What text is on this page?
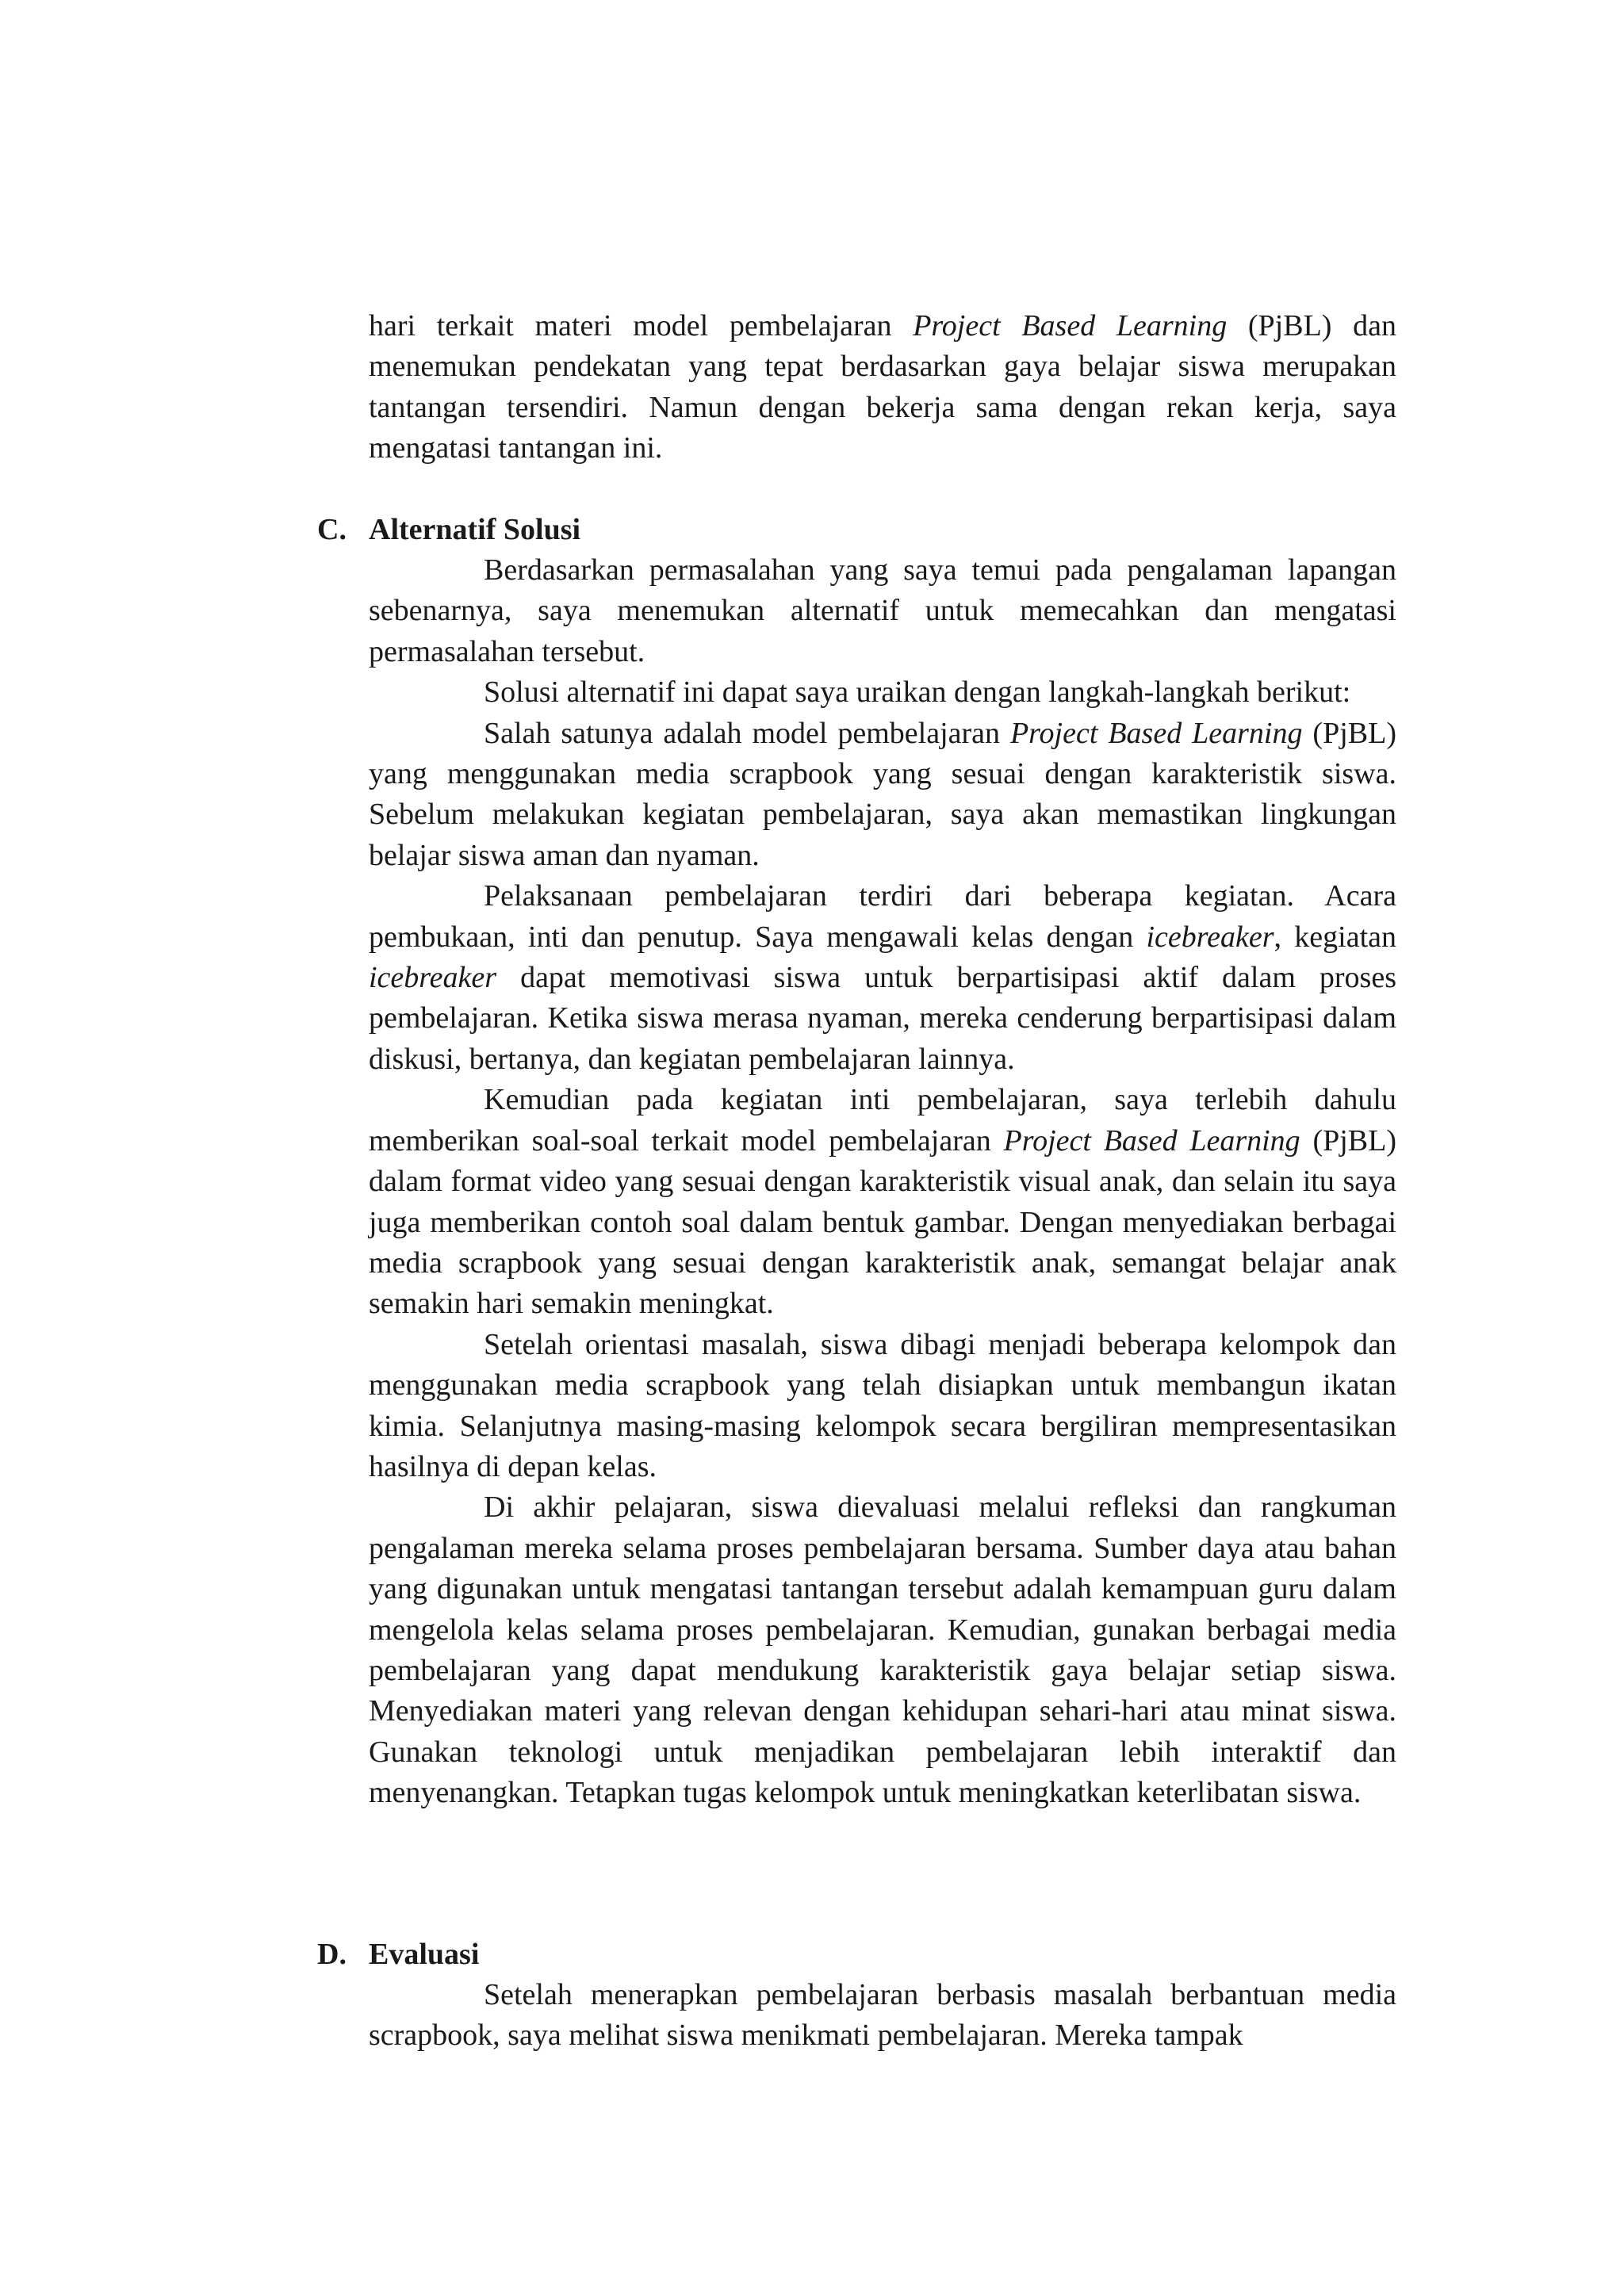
hari terkait materi model pembelajaran Project Based Learning (PjBL) dan menemukan pendekatan yang tepat berdasarkan gaya belajar siswa merupakan tantangan tersendiri. Namun dengan bekerja sama dengan rekan kerja, saya mengatasi tantangan ini.

C. Alternatif Solusi

Berdasarkan permasalahan yang saya temui pada pengalaman lapangan sebenarnya, saya menemukan alternatif untuk memecahkan dan mengatasi permasalahan tersebut.

Solusi alternatif ini dapat saya uraikan dengan langkah-langkah berikut:

Salah satunya adalah model pembelajaran Project Based Learning (PjBL) yang menggunakan media scrapbook yang sesuai dengan karakteristik siswa. Sebelum melakukan kegiatan pembelajaran, saya akan memastikan lingkungan belajar siswa aman dan nyaman.

Pelaksanaan pembelajaran terdiri dari beberapa kegiatan. Acara pembukaan, inti dan penutup. Saya mengawali kelas dengan icebreaker, kegiatan icebreaker dapat memotivasi siswa untuk berpartisipasi aktif dalam proses pembelajaran. Ketika siswa merasa nyaman, mereka cenderung berpartisipasi dalam diskusi, bertanya, dan kegiatan pembelajaran lainnya.

Kemudian pada kegiatan inti pembelajaran, saya terlebih dahulu memberikan soal-soal terkait model pembelajaran Project Based Learning (PjBL) dalam format video yang sesuai dengan karakteristik visual anak, dan selain itu saya juga memberikan contoh soal dalam bentuk gambar. Dengan menyediakan berbagai media scrapbook yang sesuai dengan karakteristik anak, semangat belajar anak semakin hari semakin meningkat.

Setelah orientasi masalah, siswa dibagi menjadi beberapa kelompok dan menggunakan media scrapbook yang telah disiapkan untuk membangun ikatan kimia. Selanjutnya masing-masing kelompok secara bergiliran mempresentasikan hasilnya di depan kelas.

Di akhir pelajaran, siswa dievaluasi melalui refleksi dan rangkuman pengalaman mereka selama proses pembelajaran bersama. Sumber daya atau bahan yang digunakan untuk mengatasi tantangan tersebut adalah kemampuan guru dalam mengelola kelas selama proses pembelajaran. Kemudian, gunakan berbagai media pembelajaran yang dapat mendukung karakteristik gaya belajar setiap siswa. Menyediakan materi yang relevan dengan kehidupan sehari-hari atau minat siswa. Gunakan teknologi untuk menjadikan pembelajaran lebih interaktif dan menyenangkan. Tetapkan tugas kelompok untuk meningkatkan keterlibatan siswa.

D. Evaluasi

Setelah menerapkan pembelajaran berbasis masalah berbantuan media scrapbook, saya melihat siswa menikmati pembelajaran. Mereka tampak
